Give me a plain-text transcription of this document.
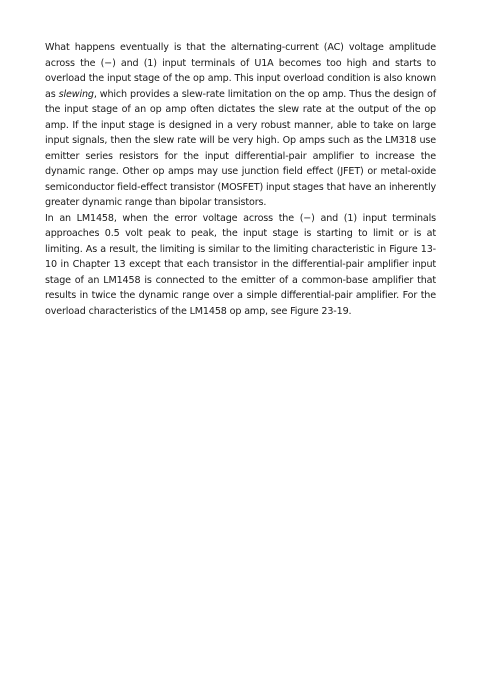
What happens eventually is that the alternating-current (AC) voltage amplitude across the (−) and (1) input terminals of U1A becomes too high and starts to overload the input stage of the op amp. This input overload condition is also known as slewing, which provides a slew-rate limitation on the op amp. Thus the design of the input stage of an op amp often dictates the slew rate at the output of the op amp. If the input stage is designed in a very robust manner, able to take on large input signals, then the slew rate will be very high. Op amps such as the LM318 use emitter series resistors for the input differential-pair amplifier to increase the dynamic range. Other op amps may use junction field effect (JFET) or metal-oxide semiconductor field-effect transistor (MOSFET) input stages that have an inherently greater dynamic range than bipolar transistors.

In an LM1458, when the error voltage across the (−) and (1) input terminals approaches 0.5 volt peak to peak, the input stage is starting to limit or is at limiting. As a result, the limiting is similar to the limiting characteristic in Figure 13-10 in Chapter 13 except that each transistor in the differential-pair amplifier input stage of an LM1458 is connected to the emitter of a common-base amplifier that results in twice the dynamic range over a simple differential-pair amplifier. For the overload characteristics of the LM1458 op amp, see Figure 23-19.
